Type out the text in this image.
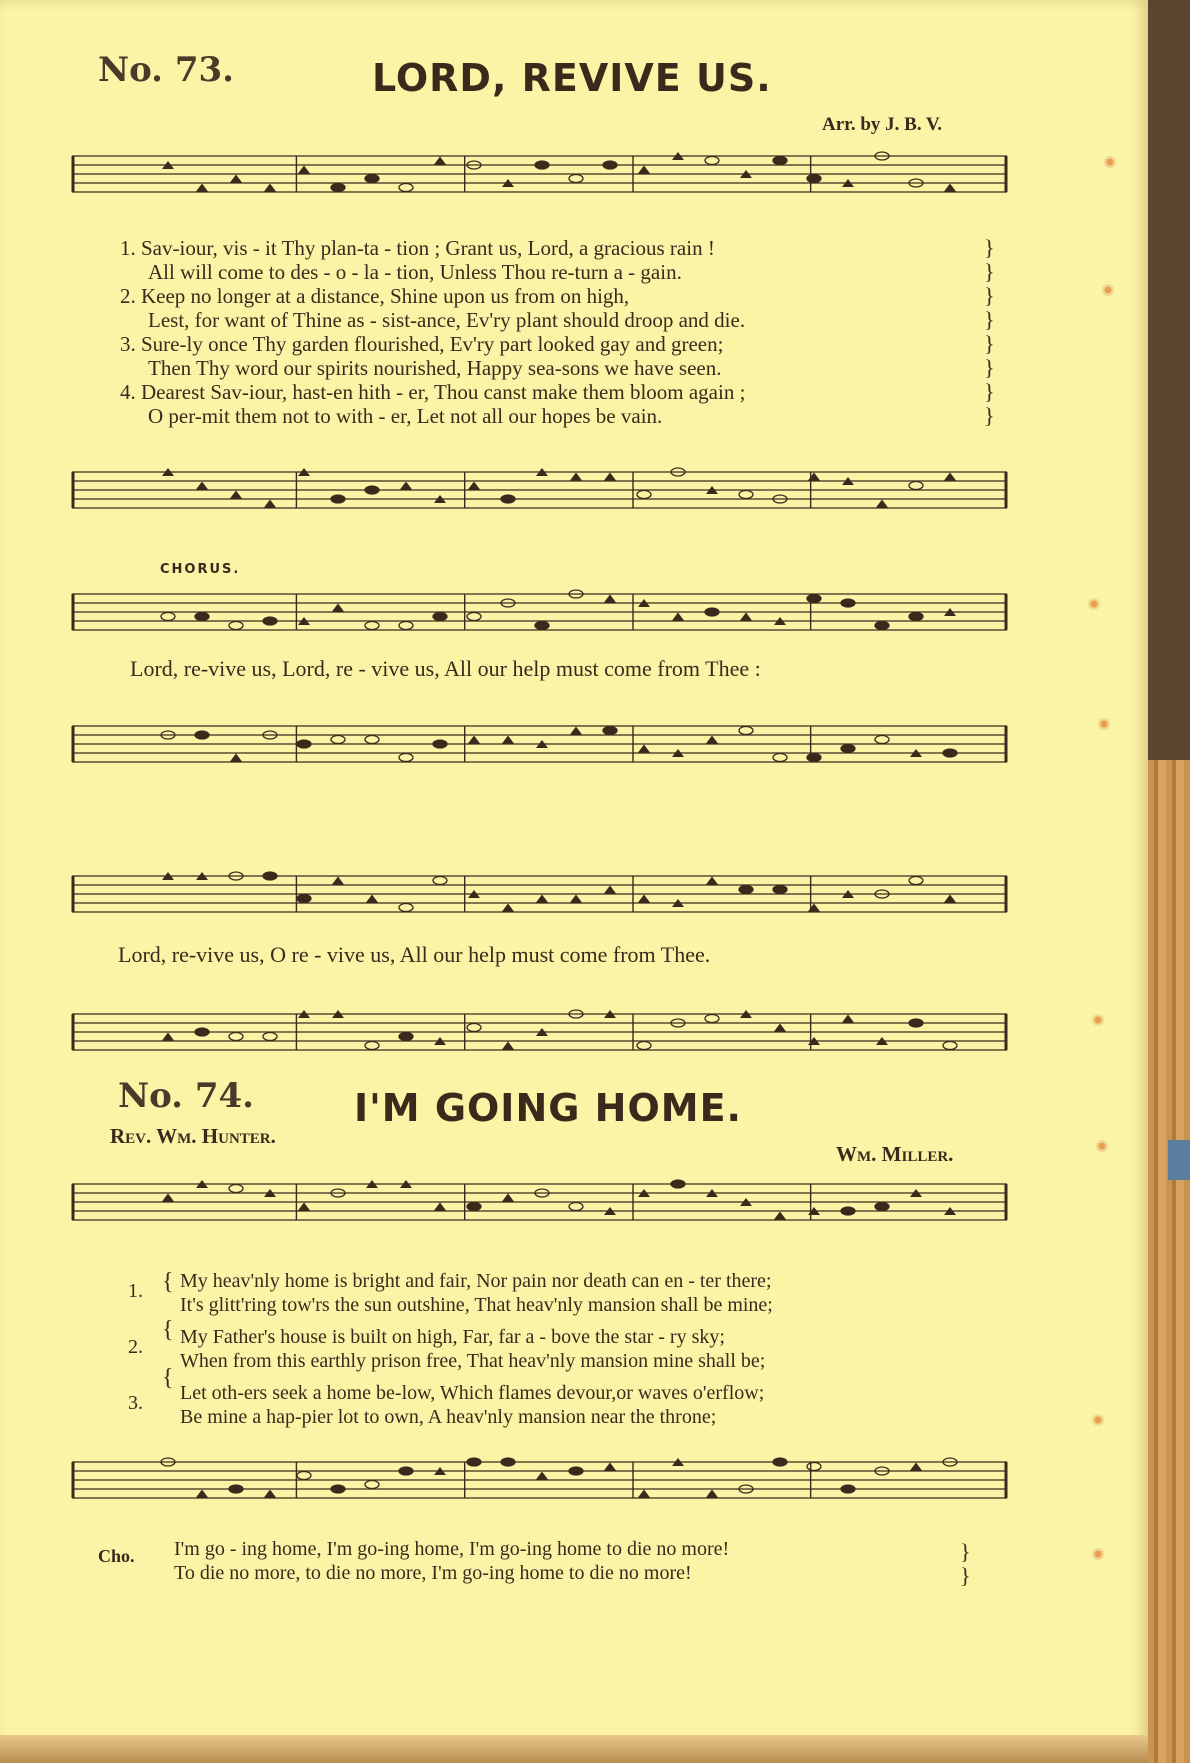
No. 73.	LORD, REVIVE US.
Arr. by J. B. V.
1. Sav-iour, vis - it Thy plan-ta - tion ; Grant us, Lord, a gracious rain !
All will come to des - o - la - tion, Unless Thou re-turn a - gain.
2. Keep no longer at a distance, Shine upon us from on high,
Lest, for want of Thine as - sist-ance, Ev'ry plant should droop and die.
3. Sure-ly once Thy garden flourished, Ev'ry part looked gay and green;
Then Thy word our spirits nourished, Happy sea-sons we have seen.
4. Dearest Sav-iour, hast-en hith - er, Thou canst make them bloom again ;
O per-mit them not to with - er, Let not all our hopes be vain.
}
}
}
}
}
}
}
}
CHORUS.
Lord, re-vive us, Lord, re - vive us, All our help must come from Thee :
Lord, re-vive us, O re - vive us, All our help must come from Thee.
No. 74.	I'M GOING HOME.
Rev. Wm. Hunter.
Wm. Miller.
1. My heav'nly home is bright and fair, Nor pain nor death can en - ter there;
It's glitt'ring tow'rs the sun outshine, That heav'nly mansion shall be mine;
2. My Father's house is built on high, Far, far a - bove the star - ry sky;
When from this earthly prison free, That heav'nly mansion mine shall be;
3. Let oth-ers seek a home be-low, Which flames devour,or waves o'erflow;
Be mine a hap-pier lot to own, A heav'nly mansion near the throne;
{

{

{
Cho. I'm go - ing home, I'm go-ing home, I'm go-ing home to die no more!
To die no more, to die no more, I'm go-ing home to die no more!
}
}
